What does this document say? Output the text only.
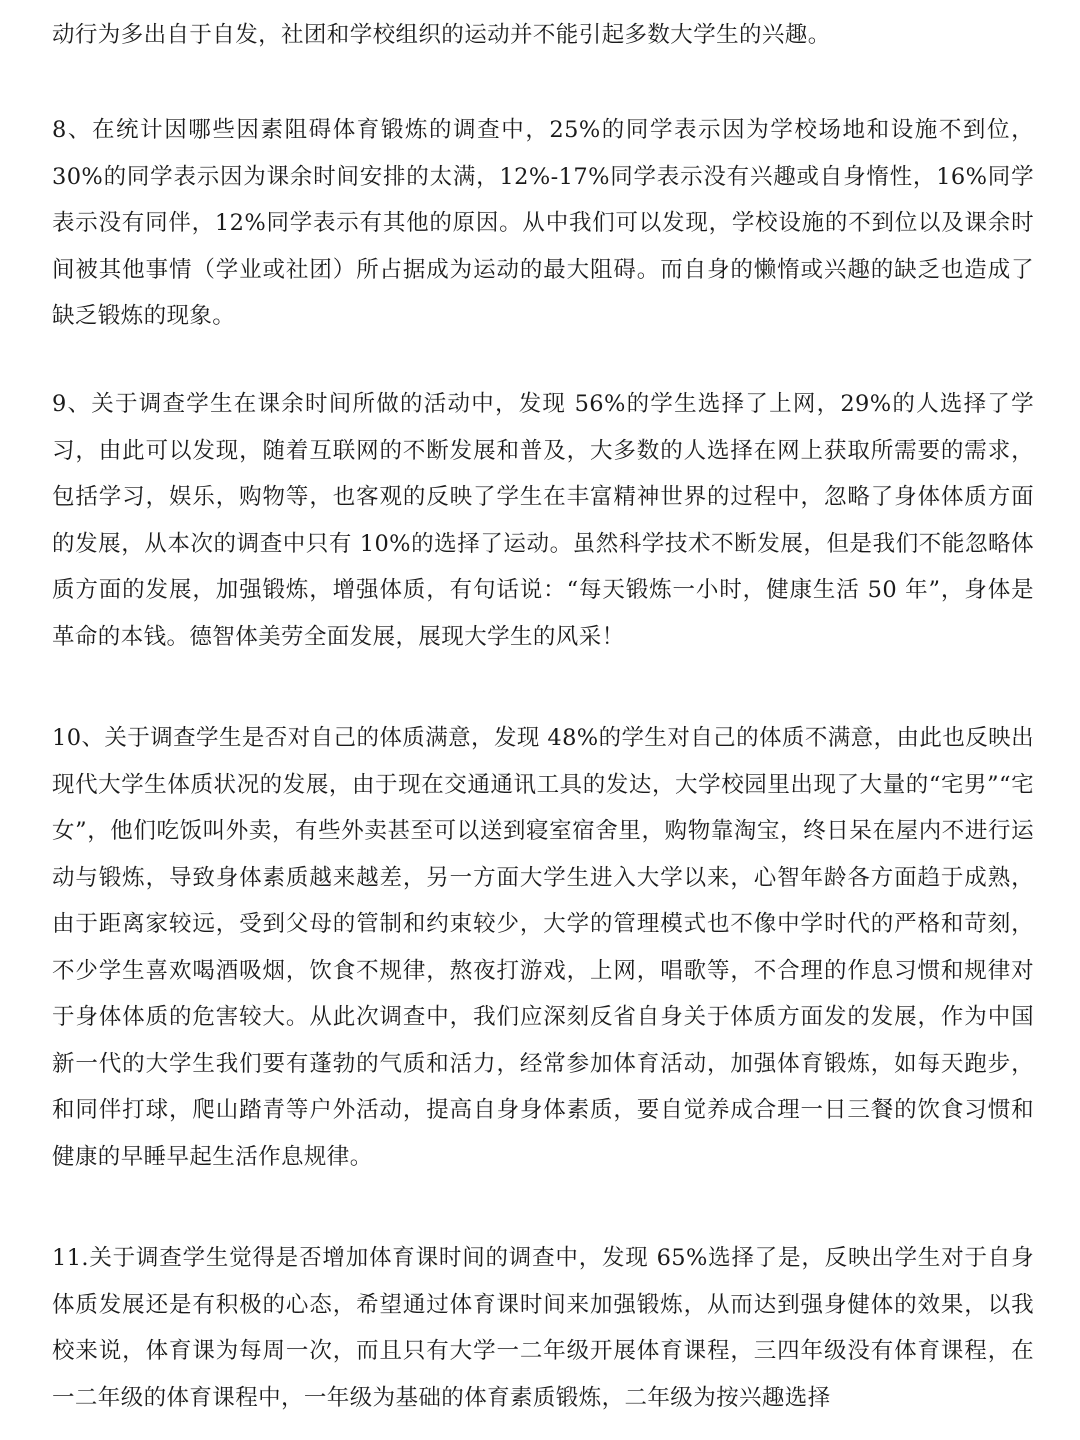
动行为多出自于自发，社团和学校组织的运动并不能引起多数大学生的兴趣。

8、在统计因哪些因素阻碍体育锻炼的调查中，25%的同学表示因为学校场地和设施不到位，30%的同学表示因为课余时间安排的太满，12%-17%同学表示没有兴趣或自身惰性，16%同学表示没有同伴，12%同学表示有其他的原因。从中我们可以发现，学校设施的不到位以及课余时间被其他事情（学业或社团）所占据成为运动的最大阻碍。而自身的懒惰或兴趣的缺乏也造成了缺乏锻炼的现象。

9、关于调查学生在课余时间所做的活动中，发现 56%的学生选择了上网，29%的人选择了学习，由此可以发现，随着互联网的不断发展和普及，大多数的人选择在网上获取所需要的需求，包括学习，娱乐，购物等，也客观的反映了学生在丰富精神世界的过程中，忽略了身体体质方面的发展，从本次的调查中只有 10%的选择了运动。虽然科学技术不断发展，但是我们不能忽略体质方面的发展，加强锻炼，增强体质，有句话说：“每天锻炼一小时，健康生活 50 年”，身体是革命的本钱。德智体美劳全面发展，展现大学生的风采！

10、关于调查学生是否对自己的体质满意，发现 48%的学生对自己的体质不满意，由此也反映出现代大学生体质状况的发展，由于现在交通通讯工具的发达，大学校园里出现了大量的“宅男”“宅女”，他们吃饭叫外卖，有些外卖甚至可以送到寝室宿舍里，购物靠淘宝，终日呆在屋内不进行运动与锻炼，导致身体素质越来越差，另一方面大学生进入大学以来，心智年龄各方面趋于成熟，由于距离家较远，受到父母的管制和约束较少，大学的管理模式也不像中学时代的严格和苛刻，不少学生喜欢喝酒吸烟，饮食不规律，熬夜打游戏，上网，唱歌等，不合理的作息习惯和规律对于身体体质的危害较大。从此次调查中，我们应深刻反省自身关于体质方面发的发展，作为中国新一代的大学生我们要有蓬勃的气质和活力，经常参加体育活动，加强体育锻炼，如每天跑步，和同伴打球，爬山踏青等户外活动，提高自身身体素质，要自觉养成合理一日三餐的饮食习惯和健康的早睡早起生活作息规律。

11.关于调查学生觉得是否增加体育课时间的调查中，发现 65%选择了是，反映出学生对于自身体质发展还是有积极的心态，希望通过体育课时间来加强锻炼，从而达到强身健体的效果，以我校来说，体育课为每周一次，而且只有大学一二年级开展体育课程，三四年级没有体育课程，在一二年级的体育课程中，一年级为基础的体育素质锻炼，二年级为按兴趣选择
